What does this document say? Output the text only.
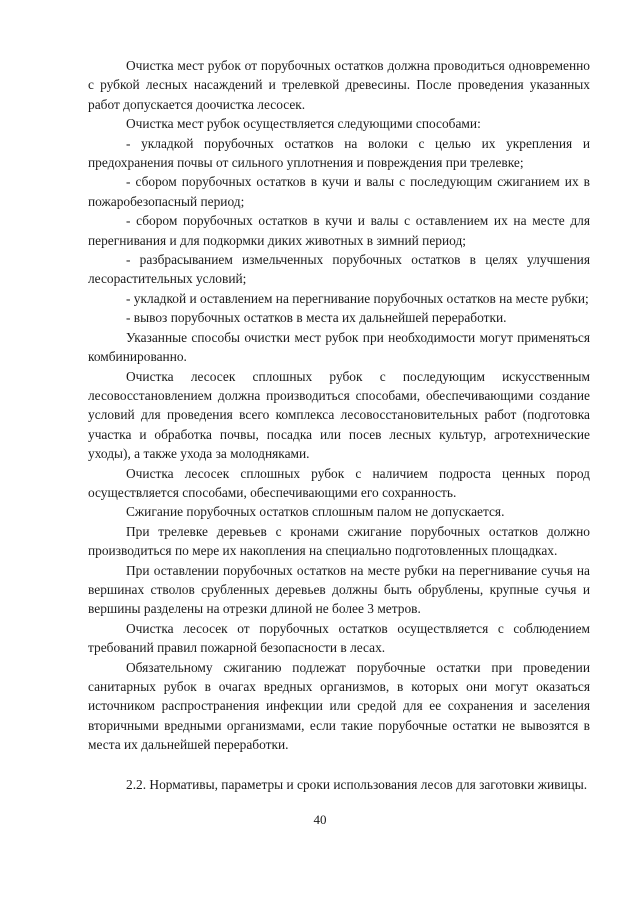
Очистка мест рубок от порубочных остатков должна проводиться одновременно с рубкой лесных насаждений и трелевкой древесины. После проведения указанных работ допускается доочистка лесосек.

Очистка мест рубок осуществляется следующими способами:

- укладкой порубочных остатков на волоки с целью их укрепления и предохранения почвы от сильного уплотнения и повреждения при трелевке;

- сбором порубочных остатков в кучи и валы с последующим сжиганием их в пожаробезопасный период;

- сбором порубочных остатков в кучи и валы с оставлением их на месте для перегнивания и для подкормки диких животных в зимний период;

- разбрасыванием измельченных порубочных остатков в целях улучшения лесорастительных условий;

- укладкой и оставлением на перегнивание порубочных остатков на месте рубки;

- вывоз порубочных остатков в места их дальнейшей переработки.

Указанные способы очистки мест рубок при необходимости могут применяться комбинированно.

Очистка лесосек сплошных рубок с последующим искусственным лесовосстановлением должна производиться способами, обеспечивающими создание условий для проведения всего комплекса лесовосстановительных работ (подготовка участка и обработка почвы, посадка или посев лесных культур, агротехнические уходы), а также ухода за молодняками.

Очистка лесосек сплошных рубок с наличием подроста ценных пород осуществляется способами, обеспечивающими его сохранность.

Сжигание порубочных остатков сплошным палом не допускается.

При трелевке деревьев с кронами сжигание порубочных остатков должно производиться по мере их накопления на специально подготовленных площадках.

При оставлении порубочных остатков на месте рубки на перегнивание сучья на вершинах стволов срубленных деревьев должны быть обрублены, крупные сучья и вершины разделены на отрезки длиной не более 3 метров.

Очистка лесосек от порубочных остатков осуществляется с соблюдением требований правил пожарной безопасности в лесах.

Обязательному сжиганию подлежат порубочные остатки при проведении санитарных рубок в очагах вредных организмов, в которых они могут оказаться источником распространения инфекции или средой для ее сохранения и заселения вторичными вредными организмами, если такие порубочные остатки не вывозятся в места их дальнейшей переработки.

2.2. Нормативы, параметры и сроки использования лесов для заготовки живицы.

40
